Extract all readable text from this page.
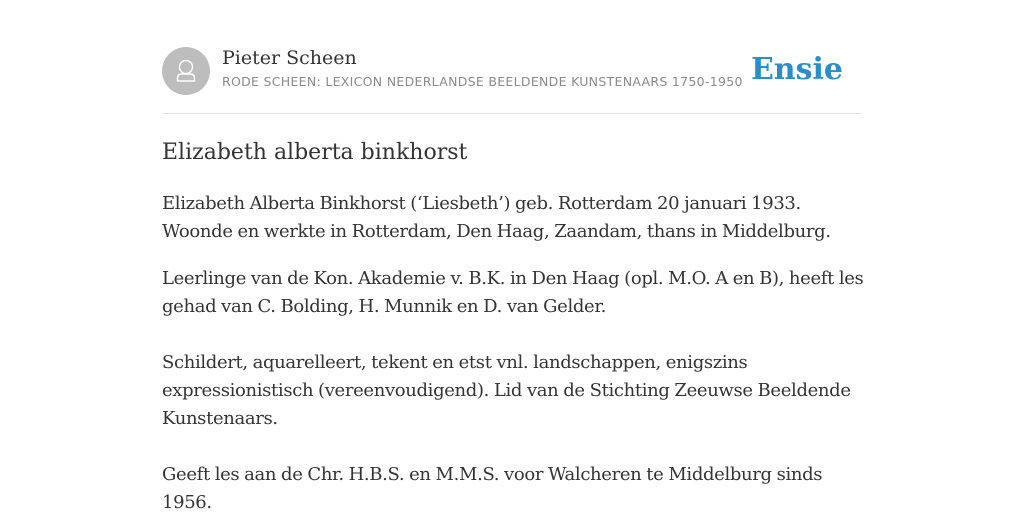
Pieter Scheen
RODE SCHEEN: LEXICON NEDERLANDSE BEELDENDE KUNSTENAARS 1750-1950 Ensie
Elizabeth alberta binkhorst

Elizabeth Alberta Binkhorst (‘Liesbeth’) geb. Rotterdam 20 januari 1933. Woonde en werkte in Rotterdam, Den Haag, Zaandam, thans in Middelburg.

Leerlinge van de Kon. Akademie v. B.K. in Den Haag (opl. M.O. A en B), heeft les gehad van C. Bolding, H. Munnik en D. van Gelder.

Schildert, aquarelleert, tekent en etst vnl. landschappen, enigszins expressionistisch (vereenvoudigend). Lid van de Stichting Zeeuwse Beeldende Kunstenaars.

Geeft les aan de Chr. H.B.S. en M.M.S. voor Walcheren te Middelburg sinds 1956.
